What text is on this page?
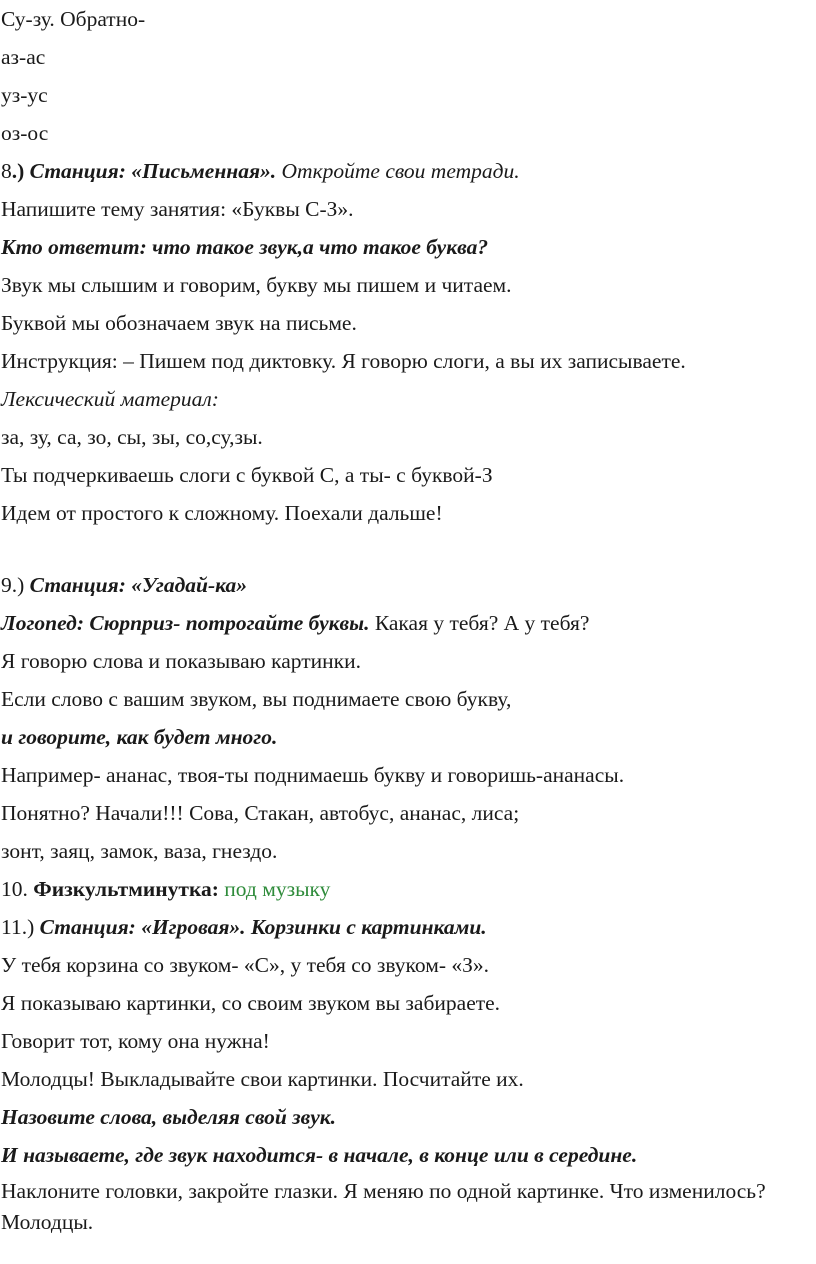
Су-зу. Обратно-
аз-ас
уз-ус
оз-ос
8.) Станция: «Письменная». Откройте свои тетради.
Напишите тему занятия: «Буквы С-З».
Кто ответит: что такое звук,а что такое буква?
Звук мы слышим и говорим, букву мы пишем и читаем.
Буквой мы обозначаем звук на письме.
Инструкция: – Пишем под диктовку. Я говорю слоги, а вы их записываете.
Лексический материал:
за, зу, са, зо, сы, зы, со,су,зы.
Ты подчеркиваешь слоги с буквой С, а ты- с буквой-З
Идем от простого к сложному. Поехали дальше!
9.) Станция: «Угадай-ка»
Логопед: Сюрприз- потрогайте буквы. Какая у тебя? А у тебя?
Я говорю слова и показываю картинки.
Если слово с вашим звуком, вы поднимаете свою букву,
и говорите, как будет много.
Например- ананас, твоя-ты поднимаешь букву и говоришь-ананасы.
Понятно? Начали!!! Сова, Стакан, автобус, ананас, лиса;
зонт, заяц, замок, ваза, гнездо.
10. Физкультминутка: под музыку
11.) Станция: «Игровая». Корзинки с картинками.
У тебя корзина со звуком- «С», у тебя со звуком- «З».
Я показываю картинки, со своим звуком вы забираете.
Говорит тот, кому она нужна!
Молодцы! Выкладывайте свои картинки. Посчитайте их.
Назовите слова, выделяя свой звук.
И называете, где звук находится- в начале, в конце или в середине.
Наклоните головки, закройте глазки. Я меняю по одной картинке. Что изменилось? Молодцы.
